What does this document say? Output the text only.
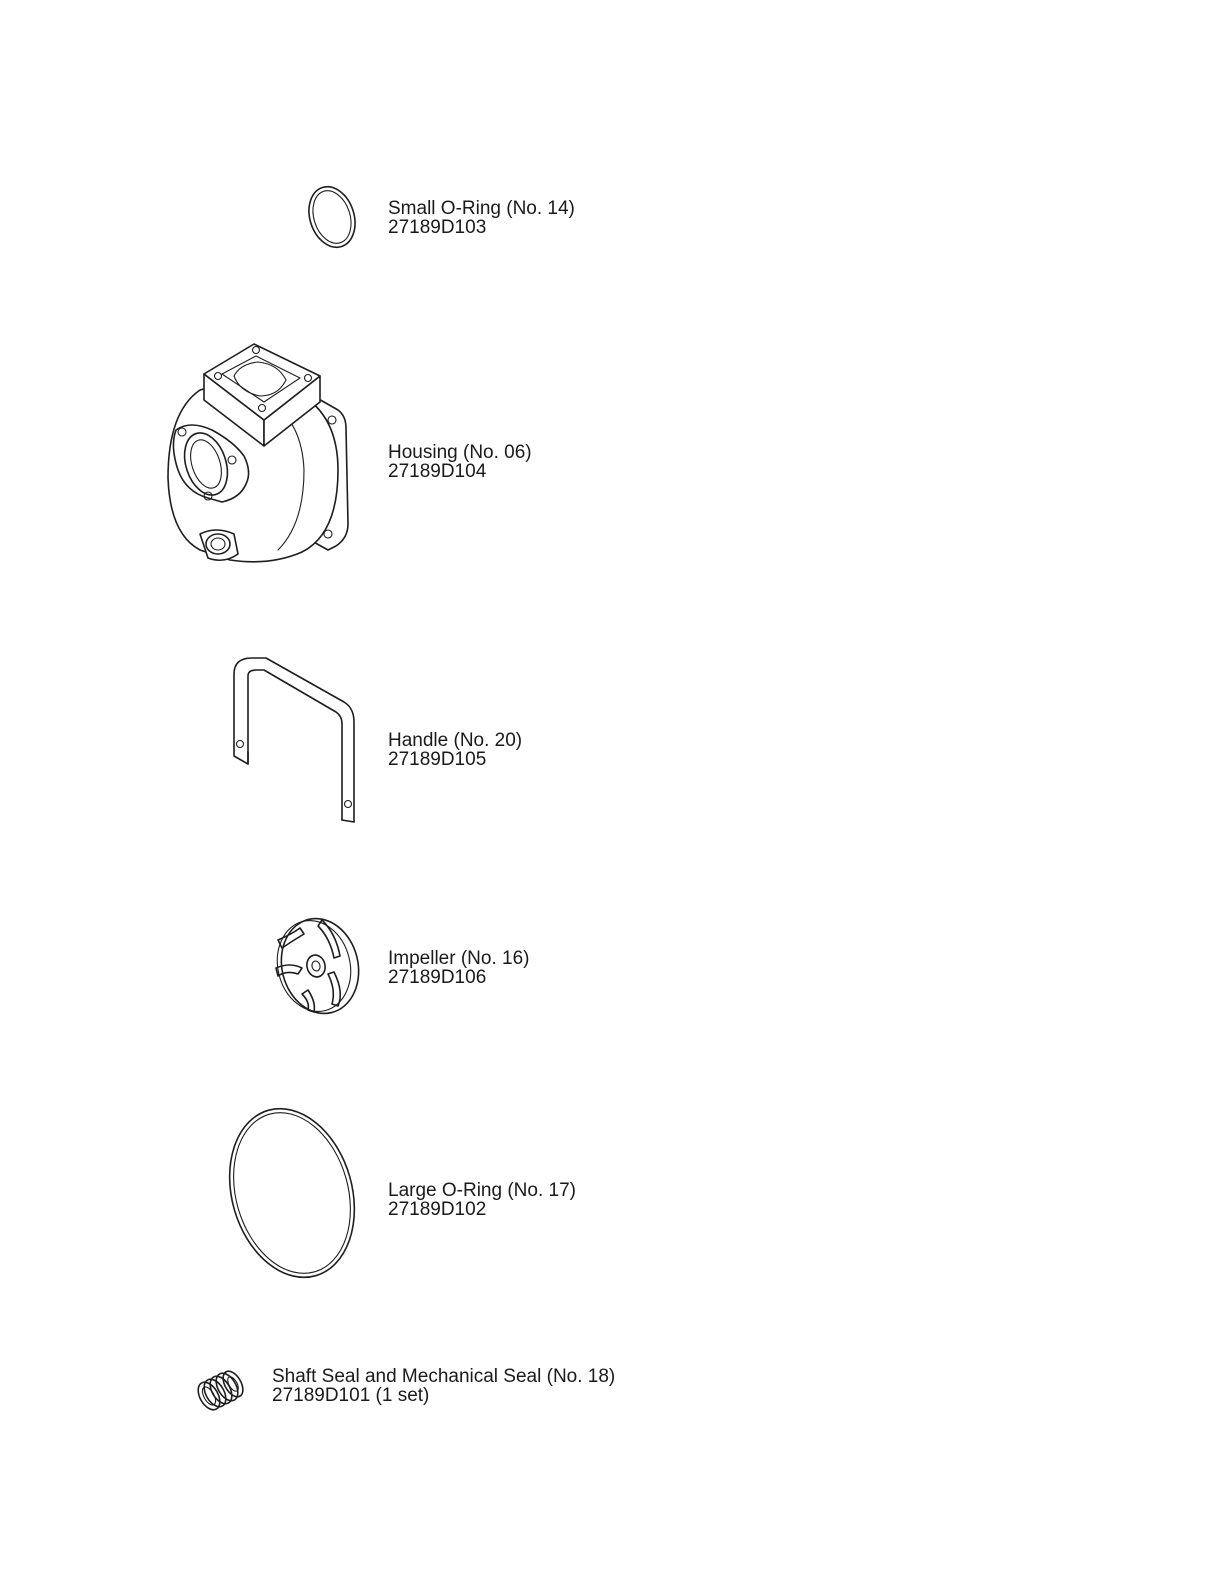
Small O-Ring (No. 14)
27189D103
Housing (No. 06)
27189D104
Handle (No. 20)
27189D105
Impeller (No. 16)
27189D106
Large O-Ring (No. 17)
27189D102
Shaft Seal and Mechanical Seal (No. 18)
27189D101 (1 set)
